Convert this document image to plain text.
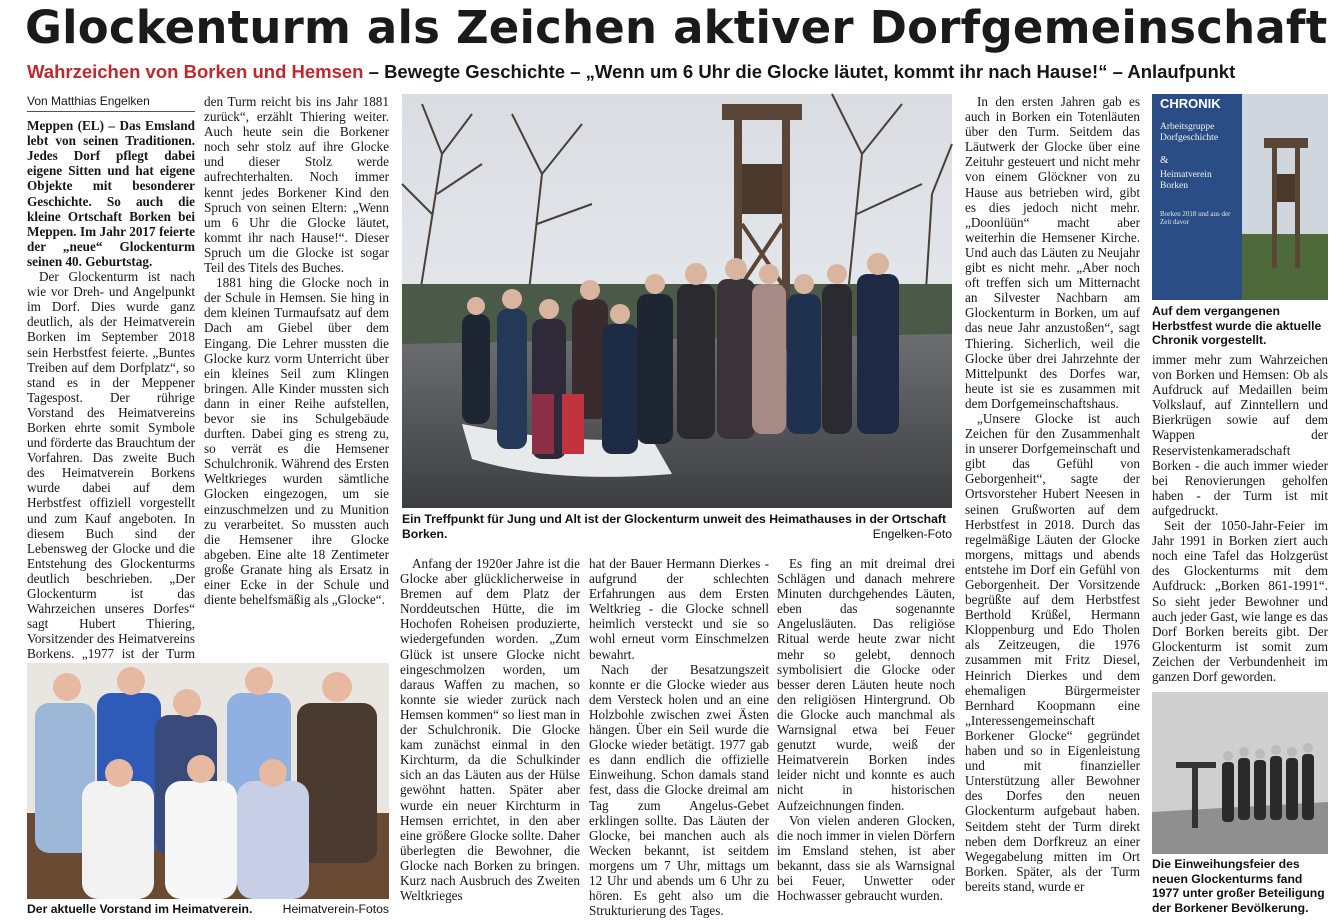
Glockenturm als Zeichen aktiver Dorfgemeinschaft
Wahrzeichen von Borken und Hemsen – Bewegte Geschichte – „Wenn um 6 Uhr die Glocke läutet, kommt ihr nach Hause!“ – Anlaufpunkt
Von Matthias Engelken

Meppen (EL) – Das Emsland lebt von seinen Traditionen. Jedes Dorf pflegt dabei eigene Sitten und hat eigene Objekte mit besonderer Geschichte. So auch die kleine Ortschaft Borken bei Meppen. Im Jahr 2017 feierte der „neue“ Glockenturm seinen 40. Geburtstag.

Der Glockenturm ist nach wie vor Dreh- und Angelpunkt im Dorf. Dies wurde ganz deutlich, als der Heimatverein Borken im September 2018 sein Herbstfest feierte. „Buntes Treiben auf dem Dorfplatz“, so stand es in der Meppener Tagespost. Der rührige Vorstand des Heimatvereins Borken ehrte somit Symbole und förderte das Brauchtum der Vorfahren. Das zweite Buch des Heimatverein Borkens wurde dabei auf dem Herbstfest offiziell vorgestellt und zum Kauf angeboten. In diesem Buch sind der Lebensweg der Glocke und die Entstehung des Glockenturms deutlich beschrieben. „Der Glockenturm ist das Wahrzeichen unseres Dorfes“ sagt Hubert Thiering, Vorsitzender des Heimatvereins Borkens. „1977 ist der Turm

den Turm reicht bis ins Jahr 1881 zurück“, erzählt Thiering weiter. Auch heute sein die Borkener noch sehr stolz auf ihre Glocke und dieser Stolz werde aufrechterhalten. Noch immer kennt jedes Borkener Kind den Spruch von seinen Eltern: „Wenn um 6 Uhr die Glocke läutet, kommt ihr nach Hause!“. Dieser Spruch um die Glocke ist sogar Teil des Titels des Buches.

1881 hing die Glocke noch in der Schule in Hemsen. Sie hing in dem kleinen Turmaufsatz auf dem Dach am Giebel über dem Eingang. Die Lehrer mussten die Glocke kurz vorm Unterricht über ein kleines Seil zum Klingen bringen. Alle Kinder mussten sich dann in einer Reihe aufstellen, bevor sie ins Schulgebäude durften. Dabei ging es streng zu, so verrät es die Hemsener Schulchronik. Während des Ersten Weltkrieges wurden sämtliche Glocken eingezogen, um sie einzuschmelzen und zu Munition zu verarbeitet. So mussten auch die Hemsener ihre Glocke abgeben. Eine alte 18 Zentimeter große Granate hing als Ersatz in einer Ecke in der Schule und diente behelfsmäßig als „Glocke“.

Ein Treffpunkt für Jung und Alt ist der Glockenturm unweit des Heimathauses in der Ortschaft Borken.	Engelken-Foto

Anfang der 1920er Jahre ist die Glocke aber glücklicherweise in Bremen auf dem Platz der Norddeutschen Hütte, die im Hochofen Roheisen produzierte, wiedergefunden worden. „Zum Glück ist unsere Glocke nicht eingeschmolzen worden, um daraus Waffen zu machen, so konnte sie wieder zurück nach Hemsen kommen“ so liest man in der Schulchronik. Die Glocke kam zunächst einmal in den Kirchturm, da die Schulkinder sich an das Läuten aus der Hülse gewöhnt hatten. Später aber wurde ein neuer Kirchturm in Hemsen errichtet, in den aber eine größere Glocke sollte. Daher überlegten die Bewohner, die Glocke nach Borken zu bringen. Kurz nach Ausbruch des Zweiten Weltkrieges

hat der Bauer Hermann Dierkes - aufgrund der schlechten Erfahrungen aus dem Ersten Weltkrieg - die Glocke schnell heimlich versteckt und sie so wohl erneut vorm Einschmelzen bewahrt.

Nach der Besatzungszeit konnte er die Glocke wieder aus dem Versteck holen und an eine Holzbohle zwischen zwei Ästen hängen. Über ein Seil wurde die Glocke wieder betätigt. 1977 gab es dann endlich die offizielle Einweihung. Schon damals stand fest, dass die Glocke dreimal am Tag zum Angelus-Gebet erklingen sollte. Das Läuten der Glocke, bei manchen auch als Wecken bekannt, ist seitdem morgens um 7 Uhr, mittags um 12 Uhr und abends um 6 Uhr zu hören. Es geht also um die Strukturierung des Tages.

Es fing an mit dreimal drei Schlägen und danach mehrere Minuten durchgehendes Läuten, eben das sogenannte Angelusläuten. Das religiöse Ritual werde heute zwar nicht mehr so gelebt, dennoch symbolisiert die Glocke oder besser deren Läuten heute noch den religiösen Hintergrund. Ob die Glocke auch manchmal als Warnsignal etwa bei Feuer genutzt wurde, weiß der Heimatverein Borken indes leider nicht und konnte es auch nicht in historischen Aufzeichnungen finden.

Von vielen anderen Glocken, die noch immer in vielen Dörfern im Emsland stehen, ist aber bekannt, dass sie als Warnsignal bei Feuer, Unwetter oder Hochwasser gebraucht wurden.

In den ersten Jahren gab es auch in Borken ein Totenläuten über den Turm. Seitdem das Läutwerk der Glocke über eine Zeituhr gesteuert und nicht mehr von einem Glöckner von zu Hause aus betrieben wird, gibt es dies jedoch nicht mehr. „Doonlüün“ macht aber weiterhin die Hemsener Kirche. Und auch das Läuten zu Neujahr gibt es nicht mehr. „Aber noch oft treffen sich um Mitternacht an Silvester Nachbarn am Glockenturm in Borken, um auf das neue Jahr anzustoßen“, sagt Thiering. Sicherlich, weil die Glocke über drei Jahrzehnte der Mittelpunkt des Dorfes war, heute ist sie es zusammen mit dem Dorfgemeinschaftshaus.

„Unsere Glocke ist auch Zeichen für den Zusammenhalt in unserer Dorfgemeinschaft und gibt das Gefühl von Geborgenheit“, sagte der Ortsvorsteher Hubert Neesen in seinen Grußworten auf dem Herbstfest in 2018. Durch das regelmäßige Läuten der Glocke morgens, mittags und abends entstehe im Dorf ein Gefühl von Geborgenheit. Der Vorsitzende begrüßte auf dem Herbstfest Berthold Krüßel, Hermann Kloppenburg und Edo Tholen als Zeitzeugen, die 1976 zusammen mit Fritz Diesel, Heinrich Dierkes und dem ehemaligen Bürgermeister Bernhard Koopmann eine „Interessengemeinschaft Borkener Glocke“ gegründet haben und so in Eigenleistung und mit finanzieller Unterstützung aller Bewohner des Dorfes den neuen Glockenturm aufgebaut haben. Seitdem steht der Turm direkt neben dem Dorfkreuz an einer Wegegabelung mitten im Ort Borken. Später, als der Turm bereits stand, wurde er

CHRONIK
Arbeitsgruppe Dorfgeschichte
&
Heimatverein Borken
Borken 2018 und aus der Zeit davor
Auf dem vergangenen Herbstfest wurde die aktuelle Chronik vorgestellt.

immer mehr zum Wahrzeichen von Borken und Hemsen: Ob als Aufdruck auf Medaillen beim Volkslauf, auf Zinntellern und Bierkrügen sowie auf dem Wappen der Reservistenkameradschaft Borken - die auch immer wieder bei Renovierungen geholfen haben - der Turm ist mit aufgedruckt.

Seit der 1050-Jahr-Feier im Jahr 1991 in Borken ziert auch noch eine Tafel das Holzgerüst des Glockenturms mit dem Aufdruck: „Borken 861-1991“. So sieht jeder Bewohner und auch jeder Gast, wie lange es das Dorf Borken bereits gibt. Der Glockenturm ist somit zum Zeichen der Verbundenheit im ganzen Dorf geworden.

Die Einweihungsfeier des neuen Glockenturms fand 1977 unter großer Beteiligung der Borkener Bevölkerung.
Der aktuelle Vorstand im Heimatverein. Heimatverein-Fotos
